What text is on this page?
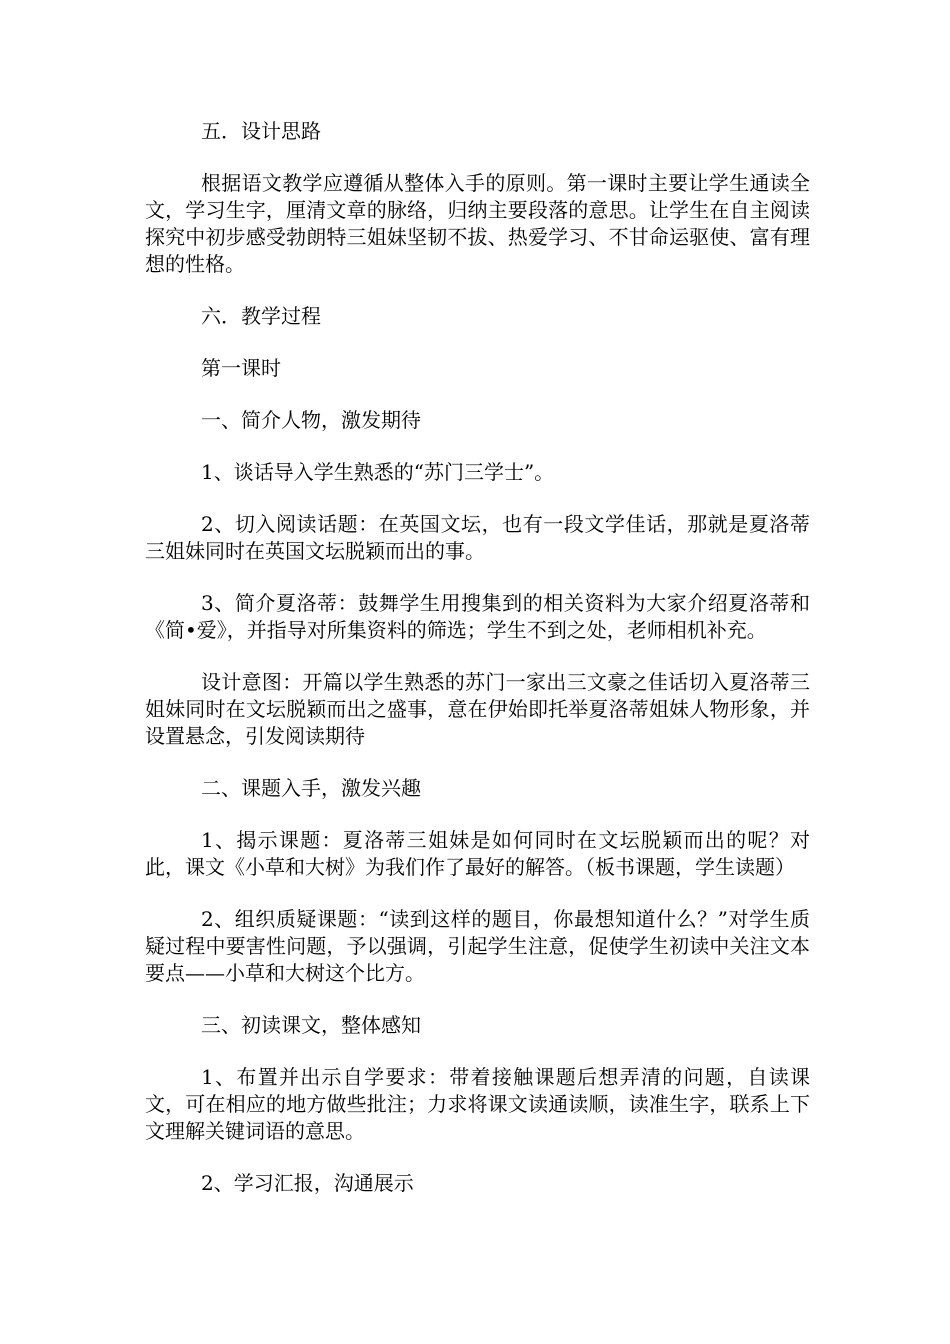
五．设计思路

根据语文教学应遵循从整体入手的原则。第一课时主要让学生通读全文，学习生字，厘清文章的脉络，归纳主要段落的意思。让学生在自主阅读探究中初步感受勃朗特三姐妹坚韧不拔、热爱学习、不甘命运驱使、富有理想的性格。

六．教学过程

第一课时

一、简介人物，激发期待

1、谈话导入学生熟悉的“苏门三学士”。

2、切入阅读话题：在英国文坛，也有一段文学佳话，那就是夏洛蒂三姐妹同时在英国文坛脱颖而出的事。

3、简介夏洛蒂：鼓舞学生用搜集到的相关资料为大家介绍夏洛蒂和《简•爱》，并指导对所集资料的筛选；学生不到之处，老师相机补充。

设计意图：开篇以学生熟悉的苏门一家出三文豪之佳话切入夏洛蒂三姐妹同时在文坛脱颖而出之盛事，意在伊始即托举夏洛蒂姐妹人物形象，并设置悬念，引发阅读期待

二、课题入手，激发兴趣

1、揭示课题：夏洛蒂三姐妹是如何同时在文坛脱颖而出的呢？对此，课文《小草和大树》为我们作了最好的解答。（板书课题，学生读题）

2、组织质疑课题：“读到这样的题目，你最想知道什么？”对学生质疑过程中要害性问题，予以强调，引起学生注意，促使学生初读中关注文本要点——小草和大树这个比方。

三、初读课文，整体感知

1、布置并出示自学要求：带着接触课题后想弄清的问题，自读课文，可在相应的地方做些批注；力求将课文读通读顺，读准生字，联系上下文理解关键词语的意思。

2、学习汇报，沟通展示
